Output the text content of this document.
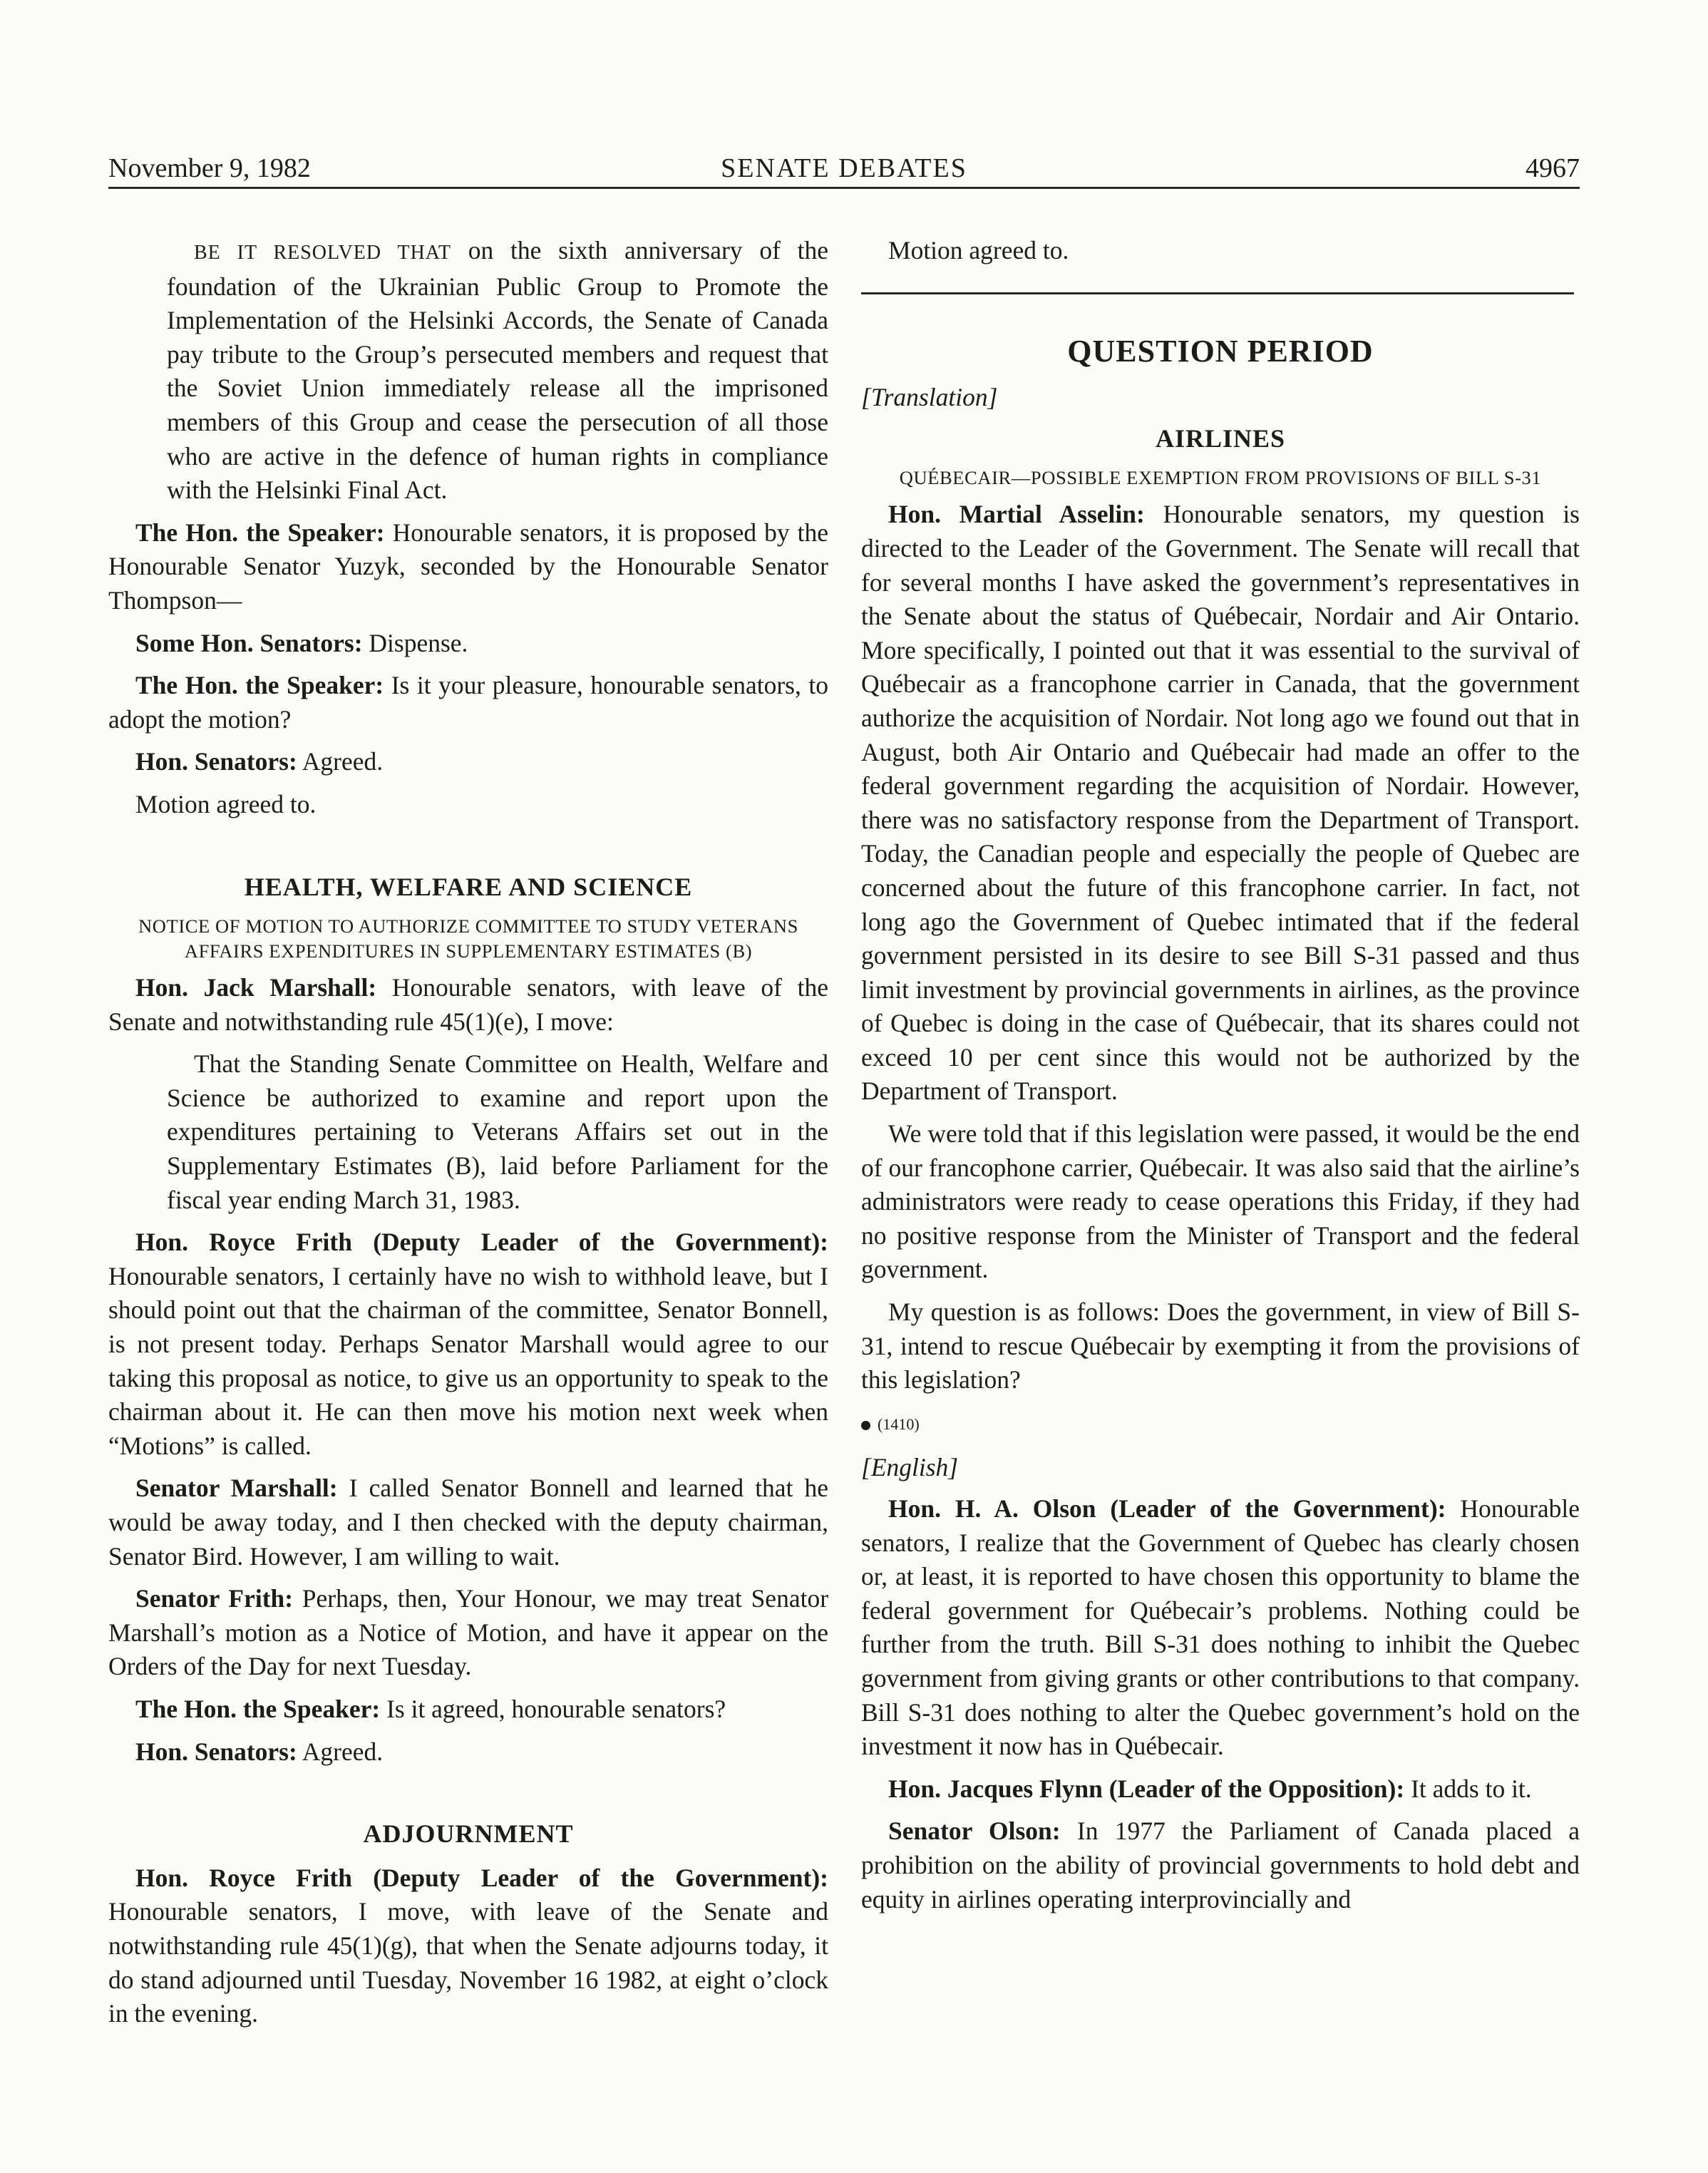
November 9, 1982	SENATE DEBATES	4967

BE IT RESOLVED THAT on the sixth anniversary of the foundation of the Ukrainian Public Group to Promote the Implementation of the Helsinki Accords, the Senate of Canada pay tribute to the Group’s persecuted members and request that the Soviet Union immediately release all the imprisoned members of this Group and cease the persecution of all those who are active in the defence of human rights in compliance with the Helsinki Final Act.

The Hon. the Speaker: Honourable senators, it is proposed by the Honourable Senator Yuzyk, seconded by the Honourable Senator Thompson—

Some Hon. Senators: Dispense.

The Hon. the Speaker: Is it your pleasure, honourable senators, to adopt the motion?

Hon. Senators: Agreed.

Motion agreed to.

HEALTH, WELFARE AND SCIENCE
NOTICE OF MOTION TO AUTHORIZE COMMITTEE TO STUDY VETERANS AFFAIRS EXPENDITURES IN SUPPLEMENTARY ESTIMATES (B)

Hon. Jack Marshall: Honourable senators, with leave of the Senate and notwithstanding rule 45(1)(e), I move:

That the Standing Senate Committee on Health, Welfare and Science be authorized to examine and report upon the expenditures pertaining to Veterans Affairs set out in the Supplementary Estimates (B), laid before Parliament for the fiscal year ending March 31, 1983.

Hon. Royce Frith (Deputy Leader of the Government): Honourable senators, I certainly have no wish to withhold leave, but I should point out that the chairman of the committee, Senator Bonnell, is not present today. Perhaps Senator Marshall would agree to our taking this proposal as notice, to give us an opportunity to speak to the chairman about it. He can then move his motion next week when “Motions” is called.

Senator Marshall: I called Senator Bonnell and learned that he would be away today, and I then checked with the deputy chairman, Senator Bird. However, I am willing to wait.

Senator Frith: Perhaps, then, Your Honour, we may treat Senator Marshall’s motion as a Notice of Motion, and have it appear on the Orders of the Day for next Tuesday.

The Hon. the Speaker: Is it agreed, honourable senators?

Hon. Senators: Agreed.

ADJOURNMENT

Hon. Royce Frith (Deputy Leader of the Government): Honourable senators, I move, with leave of the Senate and notwithstanding rule 45(1)(g), that when the Senate adjourns today, it do stand adjourned until Tuesday, November 16 1982, at eight o’clock in the evening.

Motion agreed to.

QUESTION PERIOD

[Translation]

AIRLINES
QUÉBECAIR—POSSIBLE EXEMPTION FROM PROVISIONS OF BILL S-31

Hon. Martial Asselin: Honourable senators, my question is directed to the Leader of the Government. The Senate will recall that for several months I have asked the government’s representatives in the Senate about the status of Québecair, Nordair and Air Ontario. More specifically, I pointed out that it was essential to the survival of Québecair as a francophone carrier in Canada, that the government authorize the acquisition of Nordair. Not long ago we found out that in August, both Air Ontario and Québecair had made an offer to the federal government regarding the acquisition of Nordair. However, there was no satisfactory response from the Department of Transport. Today, the Canadian people and especially the people of Quebec are concerned about the future of this francophone carrier. In fact, not long ago the Government of Quebec intimated that if the federal government persisted in its desire to see Bill S-31 passed and thus limit investment by provincial governments in airlines, as the province of Quebec is doing in the case of Québecair, that its shares could not exceed 10 per cent since this would not be authorized by the Department of Transport.

We were told that if this legislation were passed, it would be the end of our francophone carrier, Québecair. It was also said that the airline’s administrators were ready to cease operations this Friday, if they had no positive response from the Minister of Transport and the federal government.

My question is as follows: Does the government, in view of Bill S-31, intend to rescue Québecair by exempting it from the provisions of this legislation?

(1410)

[English]

Hon. H. A. Olson (Leader of the Government): Honourable senators, I realize that the Government of Quebec has clearly chosen or, at least, it is reported to have chosen this opportunity to blame the federal government for Québecair’s problems. Nothing could be further from the truth. Bill S-31 does nothing to inhibit the Quebec government from giving grants or other contributions to that company. Bill S-31 does nothing to alter the Quebec government’s hold on the investment it now has in Québecair.

Hon. Jacques Flynn (Leader of the Opposition): It adds to it.

Senator Olson: In 1977 the Parliament of Canada placed a prohibition on the ability of provincial governments to hold debt and equity in airlines operating interprovincially and
